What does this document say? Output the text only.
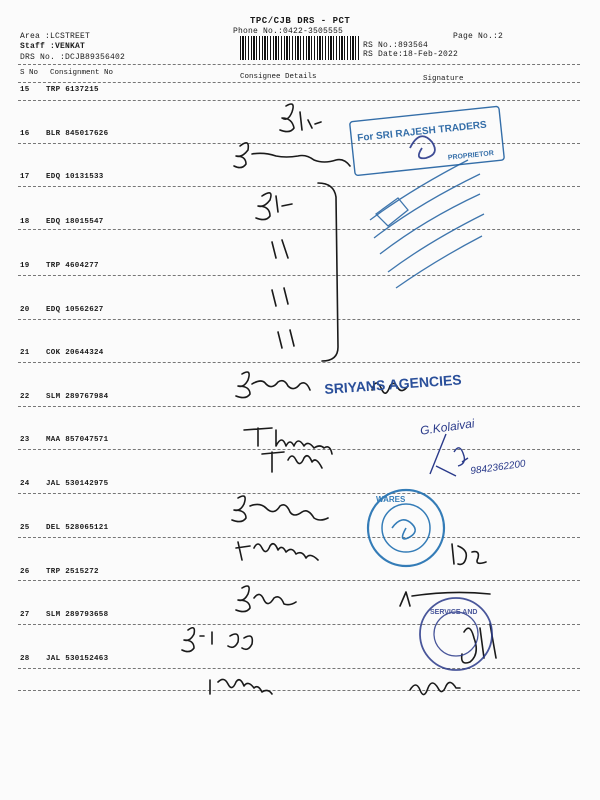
TPC/CJB DRS - PCT
Phone No.:0422-3505555
Area :LCSTREET
Staff :VENKAT
DRS No. :DCJB89356402
Page No.:2
RS No.:893564
RS Date:18-Feb-2022
S No Consignment No	Consignee Details	Signature
15 TRP 6137215
16 BLR 845017626
17 EDQ 10131533
18 EDQ 18015547
19 TRP 4604277
20 EDQ 10562627
21 COK 20644324
22 SLM 289767984
23 MAA 857047571
24 JAL 530142975
25 DEL 528065121
26 TRP 2515272
27 SLM 289793658
28 JAL 530152463
For SRI RAJESH TRADERS
PROPRIETOR
SRIYANS AGENCIES
G.Kolaivai
9842362200
WARES
SERVICE AND
